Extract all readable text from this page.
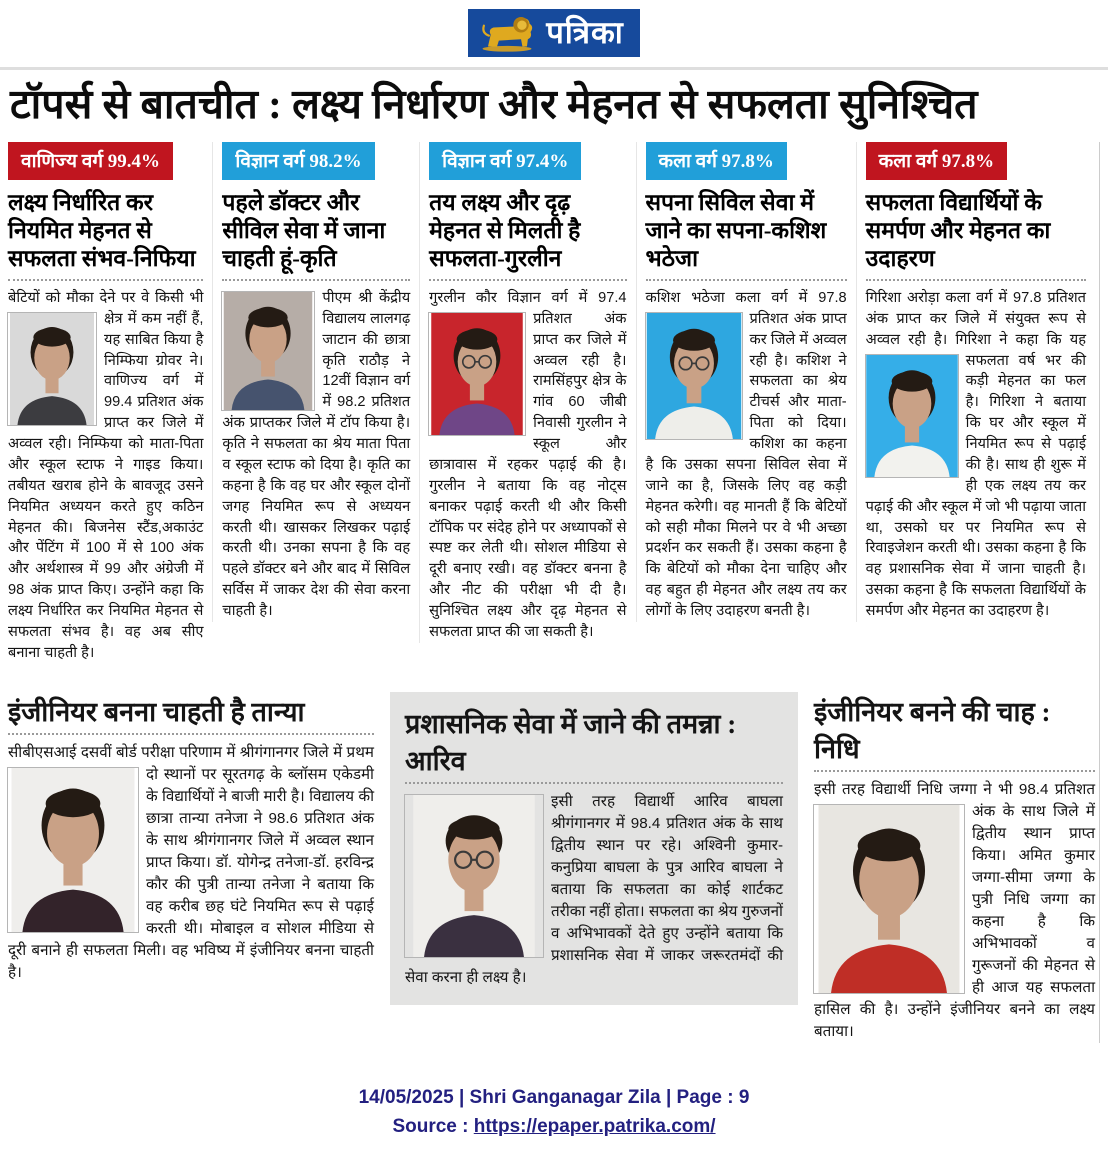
पत्रिका
टॉपर्स से बातचीत : लक्ष्य निर्धारण और मेहनत से सफलता सुनिश्चित
वाणिज्य वर्ग 99.4%
लक्ष्य निर्धारित कर नियमित मेहनत से सफलता संभव-निफिया

बेटियों को मौका देने पर वे किसी भी
क्षेत्र में कम नहीं हैं, यह साबित किया है निम्फिया ग्रोवर ने। वाणिज्य वर्ग में 99.4 प्रतिशत अंक प्राप्त कर जिले में अव्वल रही। निम्फिया को माता-पिता और स्कूल स्टाफ ने गाइड किया। तबीयत खराब होने के बावजूद उसने नियमित अध्ययन करते हुए कठिन मेहनत की। बिजनेस स्टैंड,अकाउंट और पेंटिंग में 100 में से 100 अंक और अर्थशास्त्र में 99 और अंग्रेजी में 98 अंक प्राप्त किए। उन्होंने कहा कि लक्ष्य निर्धारित कर नियमित मेहनत से सफलता संभव है। वह अब सीए बनाना चाहती है।

विज्ञान वर्ग 98.2%
पहले डॉक्टर और सीविल सेवा में जाना चाहती हूं-कृति

पीएम श्री केंद्रीय विद्यालय लालगढ़ जाटान की छात्रा कृति राठौड़ ने 12वीं विज्ञान वर्ग में 98.2 प्रतिशत अंक प्राप्तकर जिले में टॉप किया है। कृति ने सफलता का श्रेय माता पिता व स्कूल स्टाफ को दिया है। कृति का कहना है कि वह घर और स्कूल दोनों जगह नियमित रूप से अध्ययन करती थी। खासकर लिखकर पढ़ाई करती थी। उनका सपना है कि वह पहले डॉक्टर बने और बाद में सिविल सर्विस में जाकर देश की सेवा करना चाहती है।

विज्ञान वर्ग 97.4%
तय लक्ष्य और दृढ़ मेहनत से मिलती है सफलता-गुरलीन

गुरलीन कौर विज्ञान वर्ग में 97.4
प्रतिशत अंक प्राप्त कर जिले में अव्वल रही है। रामसिंहपुर क्षेत्र के गांव 60 जीबी निवासी गुरलीन ने स्कूल और छात्रावास में रहकर पढ़ाई की है। गुरलीन ने बताया कि वह नोट्स बनाकर पढ़ाई करती थी और किसी टॉपिक पर संदेह होने पर अध्यापकों से स्पष्ट कर लेती थी। सोशल मीडिया से दूरी बनाए रखी। वह डॉक्टर बनना है और नीट की परीक्षा भी दी है। सुनिश्चित लक्ष्य और दृढ़ मेहनत से सफलता प्राप्त की जा सकती है।

कला वर्ग 97.8%
सपना सिविल सेवा में जाने का सपना-कशिश भठेजा

कशिश भठेजा कला वर्ग में 97.8
प्रतिशत अंक प्राप्त कर जिले में अव्वल रही है। कशिश ने सफलता का श्रेय टीचर्स और माता-पिता को दिया। कशिश का कहना है कि उसका सपना सिविल सेवा में जाने का है, जिसके लिए वह कड़ी मेहनत करेगी। वह मानती हैं कि बेटियों को सही मौका मिलने पर वे भी अच्छा प्रदर्शन कर सकती हैं। उसका कहना है कि बेटियों को मौका देना चाहिए और वह बहुत ही मेहनत और लक्ष्य तय कर लोगों के लिए उदाहरण बनती है।

कला वर्ग 97.8%
सफलता विद्यार्थियों के समर्पण और मेहनत का उदाहरण

गिरिशा अरोड़ा कला वर्ग में 97.8 प्रतिशत अंक प्राप्त कर जिले में संयुक्त रूप से अव्वल रही है। गिरिशा ने कहा कि यह सफलता वर्ष भर की कड़ी मेहनत का फल है। गिरिशा ने बताया कि घर और स्कूल में नियमित रूप से पढ़ाई की है। साथ ही शुरू में ही एक लक्ष्य तय कर पढ़ाई की और स्कूल में जो भी पढ़ाया जाता था, उसको घर पर नियमित रूप से रिवाइजेशन करती थी। उसका कहना है कि वह प्रशासनिक सेवा में जाना चाहती है। उसका कहना है कि सफलता विद्यार्थियों के समर्पण और मेहनत का उदाहरण है।

इंजीनियर बनना चाहती है तान्या

सीबीएसआई दसवीं बोर्ड परीक्षा परिणाम में श्रीगंगानगर जिले में प्रथम दो स्थानों पर सूरतगढ़ के ब्लॉसम एकेडमी के विद्यार्थियों ने बाजी मारी है। विद्यालय की छात्रा तान्या तनेजा ने 98.6 प्रतिशत अंक के साथ श्रीगंगानगर जिले में अव्वल स्थान प्राप्त किया। डॉ. योगेन्द्र तनेजा-डॉ. हरविन्द्र कौर की पुत्री तान्या तनेजा ने बताया कि वह करीब छह घंटे नियमित रूप से पढ़ाई करती थी। मोबाइल व सोशल मीडिया से दूरी बनाने ही सफलता मिली। वह भविष्य में इंजीनियर बनना चाहती है।

प्रशासनिक सेवा में जाने की तमन्ना : आरिव

इसी तरह विद्यार्थी आरिव बाघला श्रीगंगानगर में 98.4 प्रतिशत अंक के साथ द्वितीय स्थान पर रहे। अश्विनी कुमार-कनुप्रिया बाघला के पुत्र आरिव बाघला ने बताया कि सफलता का कोई शार्टकट तरीका नहीं होता। सफलता का श्रेय गुरुजनों व अभिभावकों देते हुए उन्होंने बताया कि प्रशासनिक सेवा में जाकर जरूरतमंदों की सेवा करना ही लक्ष्य है।

इंजीनियर बनने की चाह : निधि

इसी तरह विद्यार्थी निधि जग्गा ने भी 98.4 प्रतिशत अंक के साथ जिले में द्वितीय स्थान प्राप्त किया। अमित कुमार जग्गा-सीमा जग्गा के पुत्री निधि जग्गा का कहना है कि अभिभावकों व गुरूजनों की मेहनत से ही आज यह सफलता हासिल की है। उन्होंने इंजीनियर बनने का लक्ष्य बताया।

14/05/2025 | Shri Ganganagar Zila | Page : 9
Source : https://epaper.patrika.com/
